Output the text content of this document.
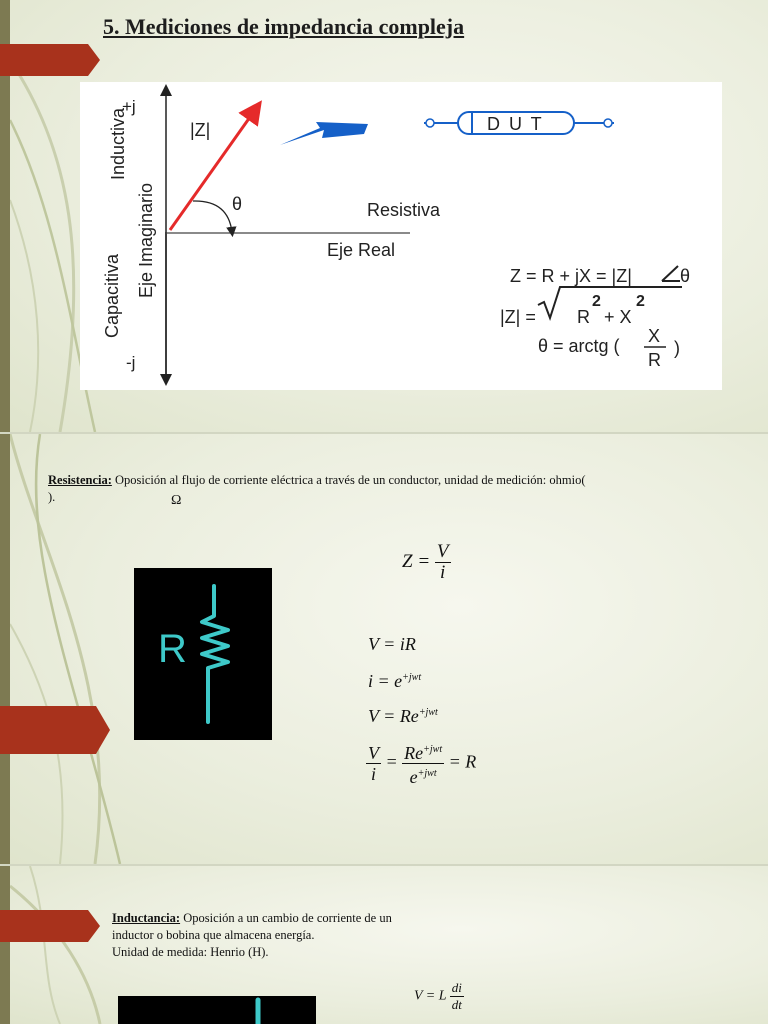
5. Mediciones de impedancia compleja
+j
-j
Inductiva
Capacitiva Eje Imaginario
|Z|
θ	Resistiva
Eje Real
D U T
Z = R + jX = |Z|	θ
|Z| = R
2
+ X
2
θ = arctg ( X
R
)
Resistencia: Oposición al flujo de corriente eléctrica a través de un conductor, unidad de medición: ohmio(
).	Ω
R
$Z = \frac{V}{i}$
V = iR
$i = e^{+jwt}$
$V = Re^{+jwt}$
$\frac{V}{i} = \frac{Re^{+jwt}}{e^{+jwt}} = R$
Inductancia: Oposición a un cambio de corriente de un
inductor o bobina que almacena energía.
Unidad de medida: Henrio (H).
V = L $\frac{di}{dt}$
